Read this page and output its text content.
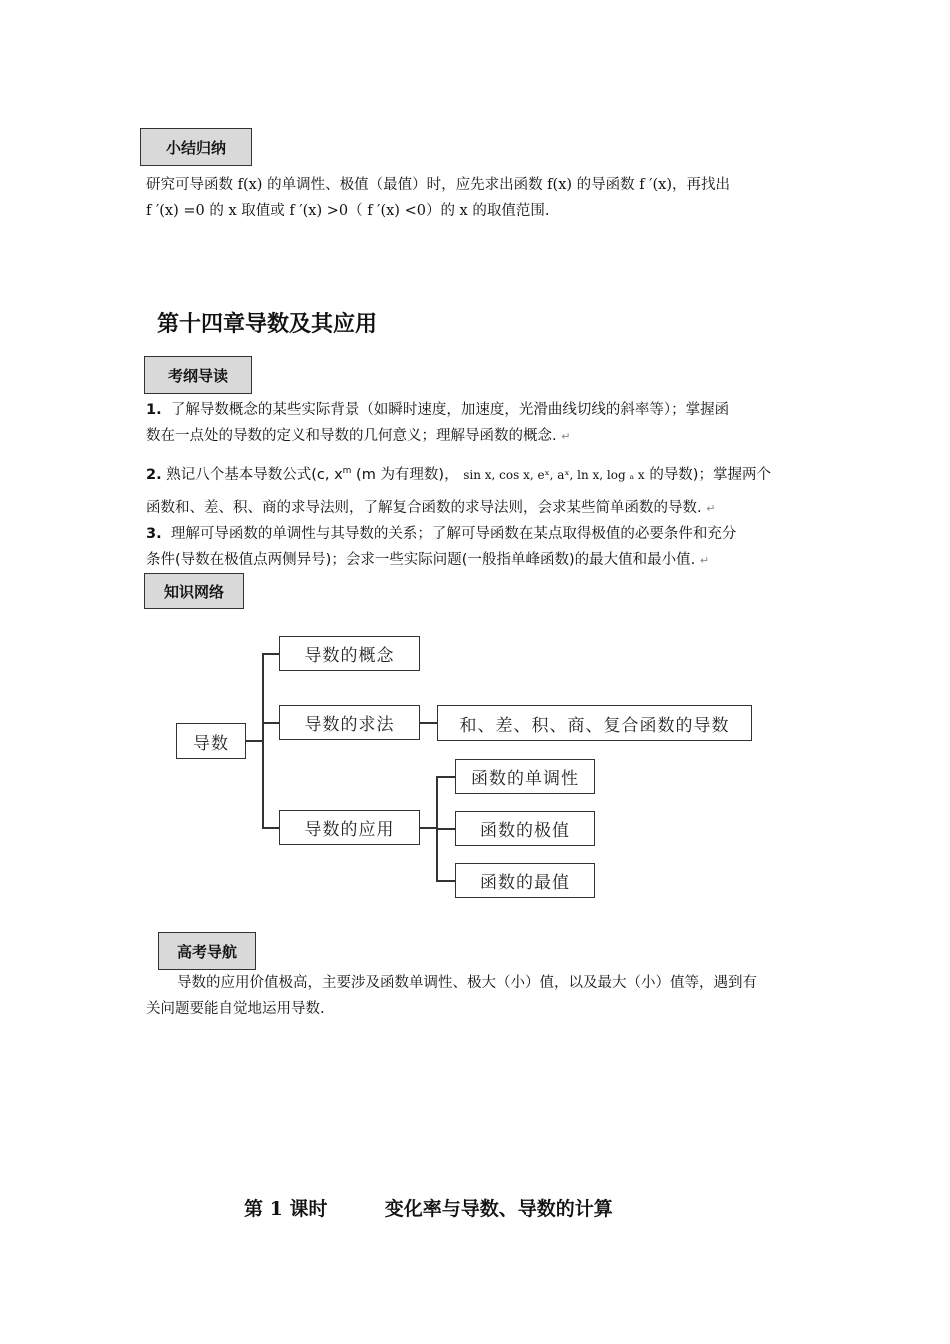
小结归纳
研究可导函数 f(x) 的单调性、极值（最值）时，应先求出函数 f(x) 的导函数 f ′(x)，再找出
f ′(x) =0 的 x 取值或 f ′(x) >0（ f ′(x) <0）的 x 的取值范围.
第十四章导数及其应用
考纲导读
1. 了解导数概念的某些实际背景（如瞬时速度，加速度，光滑曲线切线的斜率等）；掌握函
数在一点处的导数的定义和导数的几何意义；理解导函数的概念. ↵
2. 熟记八个基本导数公式(c, $x^m$ (m 为有理数)， sin x, cos x, eˣ, aˣ, ln x, log ₐ x 的导数)；掌握两个
函数和、差、积、商的求导法则，了解复合函数的求导法则，会求某些简单函数的导数. ↵
3. 理解可导函数的单调性与其导数的关系；了解可导函数在某点取得极值的必要条件和充分
条件(导数在极值点两侧异号)；会求一些实际问题(一般指单峰函数)的最大值和最小值. ↵
知识网络
导数
导数的概念
导数的求法	和、差、积、商、复合函数的导数
导数的应用
函数的单调性
函数的极值
函数的最值
高考导航
导数的应用价值极高，主要涉及函数单调性、极大（小）值，以及最大（小）值等，遇到有
关问题要能自觉地运用导数.
第 1 课时	变化率与导数、导数的计算
